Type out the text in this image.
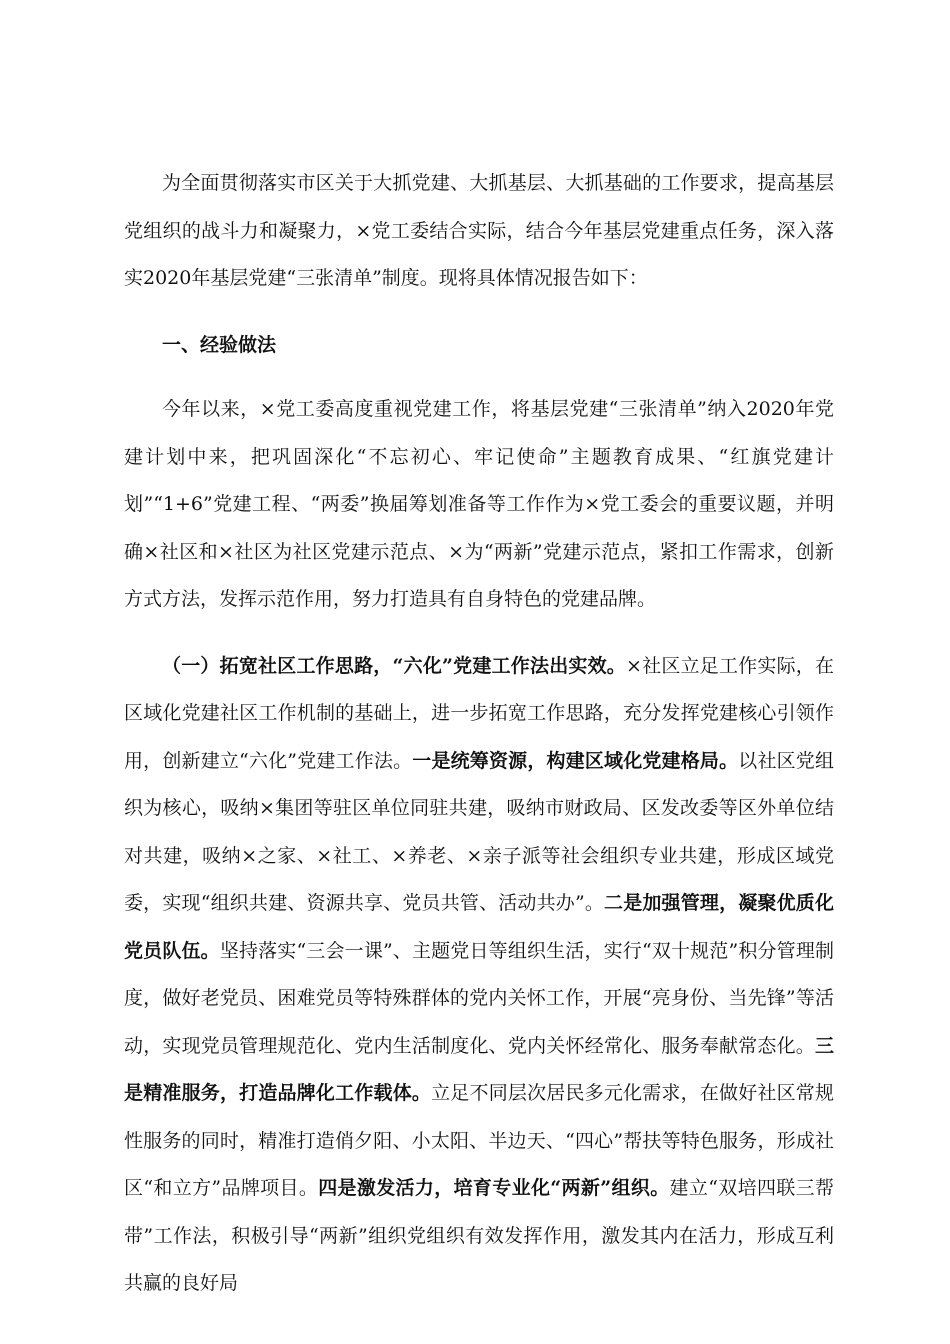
为全面贯彻落实市区关于大抓党建、大抓基层、大抓基础的工作要求，提高基层党组织的战斗力和凝聚力，×党工委结合实际，结合今年基层党建重点任务，深入落实2020年基层党建“三张清单”制度。现将具体情况报告如下：

一、经验做法

今年以来，×党工委高度重视党建工作，将基层党建“三张清单”纳入2020年党建计划中来，把巩固深化“不忘初心、牢记使命”主题教育成果、“红旗党建计划”“1+6”党建工程、“两委”换届筹划准备等工作作为×党工委会的重要议题，并明确×社区和×社区为社区党建示范点、×为“两新”党建示范点，紧扣工作需求，创新方式方法，发挥示范作用，努力打造具有自身特色的党建品牌。

（一）拓宽社区工作思路，“六化”党建工作法出实效。×社区立足工作实际，在区域化党建社区工作机制的基础上，进一步拓宽工作思路，充分发挥党建核心引领作用，创新建立“六化”党建工作法。一是统筹资源，构建区域化党建格局。以社区党组织为核心，吸纳×集团等驻区单位同驻共建，吸纳市财政局、区发改委等区外单位结对共建，吸纳×之家、×社工、×养老、×亲子派等社会组织专业共建，形成区域党委，实现“组织共建、资源共享、党员共管、活动共办”。二是加强管理，凝聚优质化党员队伍。坚持落实“三会一课”、主题党日等组织生活，实行“双十规范”积分管理制度，做好老党员、困难党员等特殊群体的党内关怀工作，开展“亮身份、当先锋”等活动，实现党员管理规范化、党内生活制度化、党内关怀经常化、服务奉献常态化。三是精准服务，打造品牌化工作载体。立足不同层次居民多元化需求，在做好社区常规性服务的同时，精准打造俏夕阳、小太阳、半边天、“四心”帮扶等特色服务，形成社区“和立方”品牌项目。四是激发活力，培育专业化“两新”组织。建立“双培四联三帮带”工作法，积极引导“两新”组织党组织有效发挥作用，激发其内在活力，形成互利共赢的良好局
